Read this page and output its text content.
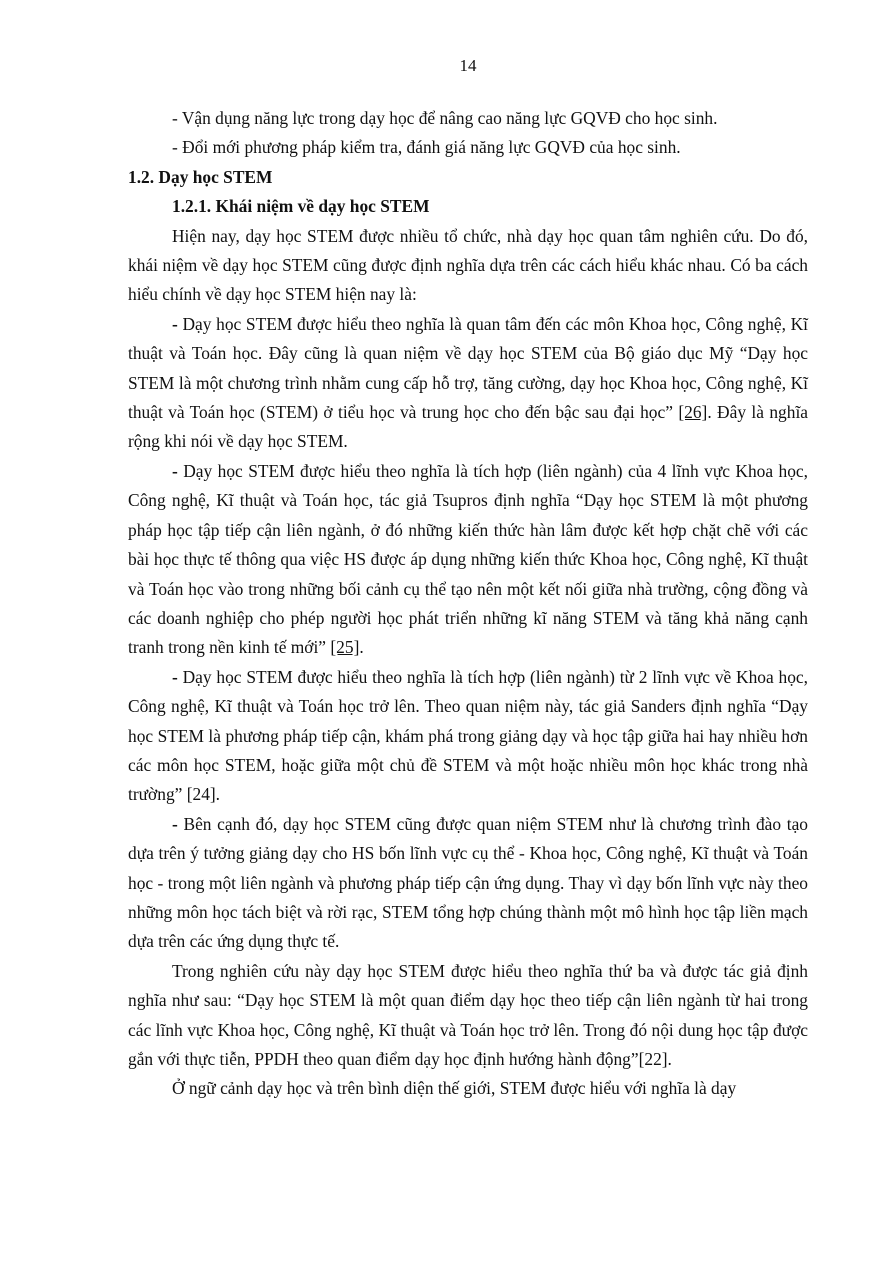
14

- Vận dụng năng lực trong dạy học để nâng cao năng lực GQVĐ cho học sinh.

- Đổi mới phương pháp kiểm tra, đánh giá năng lực GQVĐ của học sinh.

1.2. Dạy học STEM
1.2.1. Khái niệm về dạy học STEM

Hiện nay, dạy học STEM được nhiều tổ chức, nhà dạy học quan tâm nghiên cứu. Do đó, khái niệm về dạy học STEM cũng được định nghĩa dựa trên các cách hiểu khác nhau. Có ba cách hiểu chính về dạy học STEM hiện nay là:

- Dạy học STEM được hiểu theo nghĩa là quan tâm đến các môn Khoa học, Công nghệ, Kĩ thuật và Toán học. Đây cũng là quan niệm về dạy học STEM của Bộ giáo dục Mỹ “Dạy học STEM là một chương trình nhằm cung cấp hỗ trợ, tăng cường, dạy học Khoa học, Công nghệ, Kĩ thuật và Toán học (STEM) ở tiểu học và trung học cho đến bậc sau đại học” [26]. Đây là nghĩa rộng khi nói về dạy học STEM.

- Dạy học STEM được hiểu theo nghĩa là tích hợp (liên ngành) của 4 lĩnh vực Khoa học, Công nghệ, Kĩ thuật và Toán học, tác giả Tsupros định nghĩa “Dạy học STEM là một phương pháp học tập tiếp cận liên ngành, ở đó những kiến thức hàn lâm được kết hợp chặt chẽ với các bài học thực tế thông qua việc HS được áp dụng những kiến thức Khoa học, Công nghệ, Kĩ thuật và Toán học vào trong những bối cảnh cụ thể tạo nên một kết nối giữa nhà trường, cộng đồng và các doanh nghiệp cho phép người học phát triển những kĩ năng STEM và tăng khả năng cạnh tranh trong nền kinh tế mới” [25].

- Dạy học STEM được hiểu theo nghĩa là tích hợp (liên ngành) từ 2 lĩnh vực về Khoa học, Công nghệ, Kĩ thuật và Toán học trở lên. Theo quan niệm này, tác giả Sanders định nghĩa “Dạy học STEM là phương pháp tiếp cận, khám phá trong giảng dạy và học tập giữa hai hay nhiều hơn các môn học STEM, hoặc giữa một chủ đề STEM và một hoặc nhiều môn học khác trong nhà trường” [24].

- Bên cạnh đó, dạy học STEM cũng được quan niệm STEM như là chương trình đào tạo dựa trên ý tưởng giảng dạy cho HS bốn lĩnh vực cụ thể - Khoa học, Công nghệ, Kĩ thuật và Toán học - trong một liên ngành và phương pháp tiếp cận ứng dụng. Thay vì dạy bốn lĩnh vực này theo những môn học tách biệt và rời rạc, STEM tổng hợp chúng thành một mô hình học tập liền mạch dựa trên các ứng dụng thực tế.

Trong nghiên cứu này dạy học STEM được hiểu theo nghĩa thứ ba và được tác giả định nghĩa như sau: “Dạy học STEM là một quan điểm dạy học theo tiếp cận liên ngành từ hai trong các lĩnh vực Khoa học, Công nghệ, Kĩ thuật và Toán học trở lên. Trong đó nội dung học tập được gắn với thực tiễn, PPDH theo quan điểm dạy học định hướng hành động”[22].

Ở ngữ cảnh dạy học và trên bình diện thế giới, STEM được hiểu với nghĩa là dạy
